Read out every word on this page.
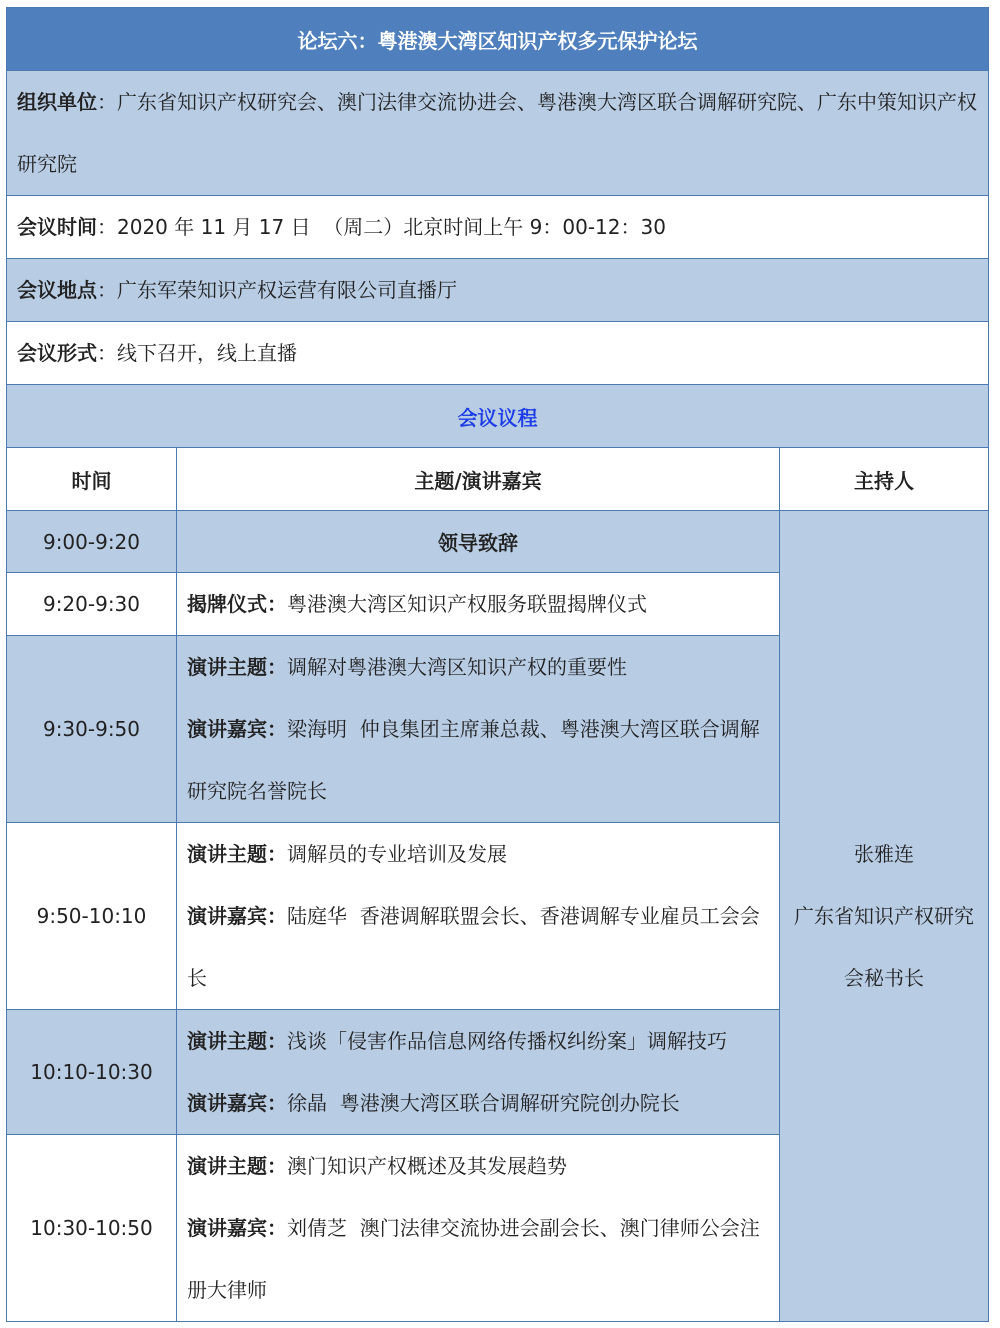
论坛六：粤港澳大湾区知识产权多元保护论坛		
组织单位：广东省知识产权研究会、澳门法律交流协进会、粤港澳大湾区联合调解研究院、广东中策知识产权研究院		
会议时间：2020 年 11 月 17 日  （周二）北京时间上午 9：00-12：30		
会议地点：广东军荣知识产权运营有限公司直播厅		
会议形式：线下召开，线上直播		
会议议程		
时间	主题/演讲嘉宾	主持人
9:00-9:20	领导致辞	张雅连
广东省知识产权研究会秘书长

9:20-9:30	揭牌仪式：粤港澳大湾区知识产权服务联盟揭牌仪式	
9:30-9:50	演讲主题：调解对粤港澳大湾区知识产权的重要性
演讲嘉宾：梁海明  仲良集团主席兼总裁、粤港澳大湾区联合调解研究院名誉院长	

9:50-10:10	演讲主题：调解员的专业培训及发展
演讲嘉宾：陆庭华  香港调解联盟会长、香港调解专业雇员工会会长	

10:10-10:30	演讲主题：浅谈「侵害作品信息网络传播权纠纷案」调解技巧
演讲嘉宾：徐晶  粤港澳大湾区联合调解研究院创办院长	

10:30-10:50	演讲主题：澳门知识产权概述及其发展趋势
演讲嘉宾：刘倩芝  澳门法律交流协进会副会长、澳门律师公会注册大律师	
